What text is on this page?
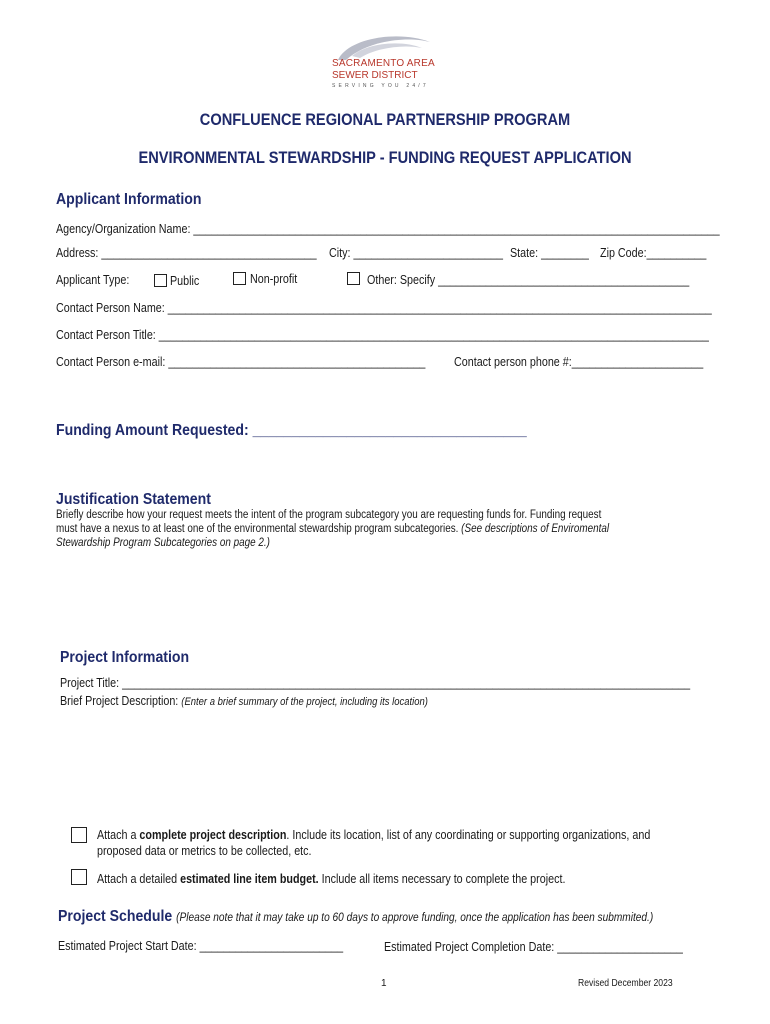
SACRAMENTO AREA
SEWER DISTRICT
SERVING YOU 24/7
CONFLUENCE REGIONAL PARTNERSHIP PROGRAM
ENVIRONMENTAL STEWARDSHIP - FUNDING REQUEST APPLICATION
Applicant Information
Agency/Organization Name: ________________________________________________________________________________________
Address: ____________________________________ City: _________________________ State: ________ Zip Code:__________
Applicant Type:	Public	Non-profit	Other: Specify __________________________________________
Contact Person Name: ___________________________________________________________________________________________
Contact Person Title: ____________________________________________________________________________________________
Contact Person e-mail: ___________________________________________ Contact person phone #:______________________
Funding Amount Requested: ___________________________________
Justification Statement
Briefly describe how your request meets the intent of the program subcategory you are requesting funds for. Funding request
must have a nexus to at least one of the environmental stewardship program subcategories. (See descriptions of Enviromental
Stewardship Program Subcategories on page 2.)
Project Information
Project Title: _______________________________________________________________________________________________
Brief Project Description: (Enter a brief summary of the project, including its location)
Attach a complete project description. Include its location, list of any coordinating or supporting organizations, and
proposed data or metrics to be collected, etc.
Attach a detailed estimated line item budget. Include all items necessary to complete the project.
Project Schedule (Please note that it may take up to 60 days to approve funding, once the application has been submmited.)
Estimated Project Start Date: ________________________	Estimated Project Completion Date: _____________________
1	Revised December 2023
